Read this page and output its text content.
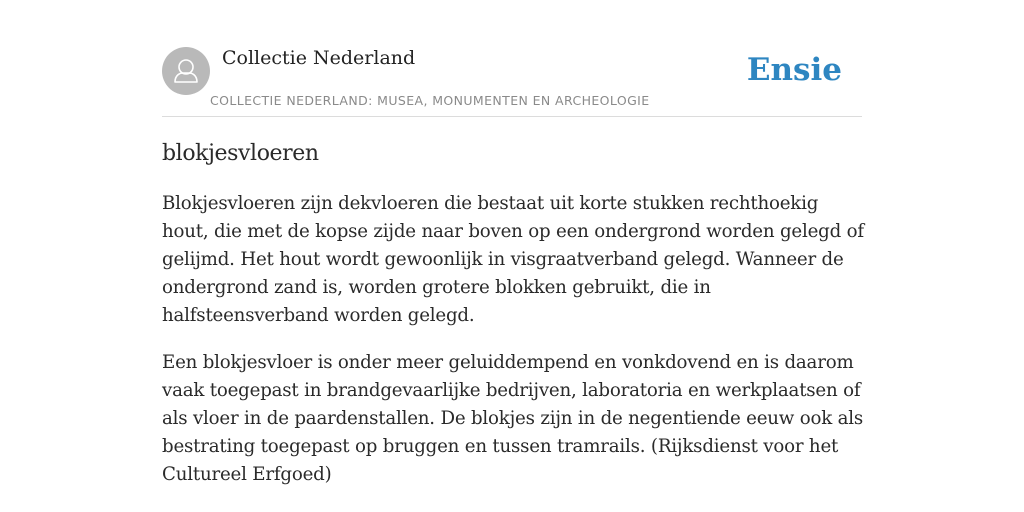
Collectie Nederland
COLLECTIE NEDERLAND: MUSEA, MONUMENTEN EN ARCHEOLOGIE
Ensie
blokjesvloeren

Blokjesvloeren zijn dekvloeren die bestaat uit korte stukken rechthoekig hout, die met de kopse zijde naar boven op een ondergrond worden gelegd of gelijmd. Het hout wordt gewoonlijk in visgraatverband gelegd. Wanneer de ondergrond zand is, worden grotere blokken gebruikt, die in halfsteensverband worden gelegd.

Een blokjesvloer is onder meer geluiddempend en vonkdovend en is daarom vaak toegepast in brandgevaarlijke bedrijven, laboratoria en werkplaatsen of als vloer in de paardenstallen. De blokjes zijn in de negentiende eeuw ook als bestrating toegepast op bruggen en tussen tramrails. (Rijksdienst voor het Cultureel Erfgoed)
